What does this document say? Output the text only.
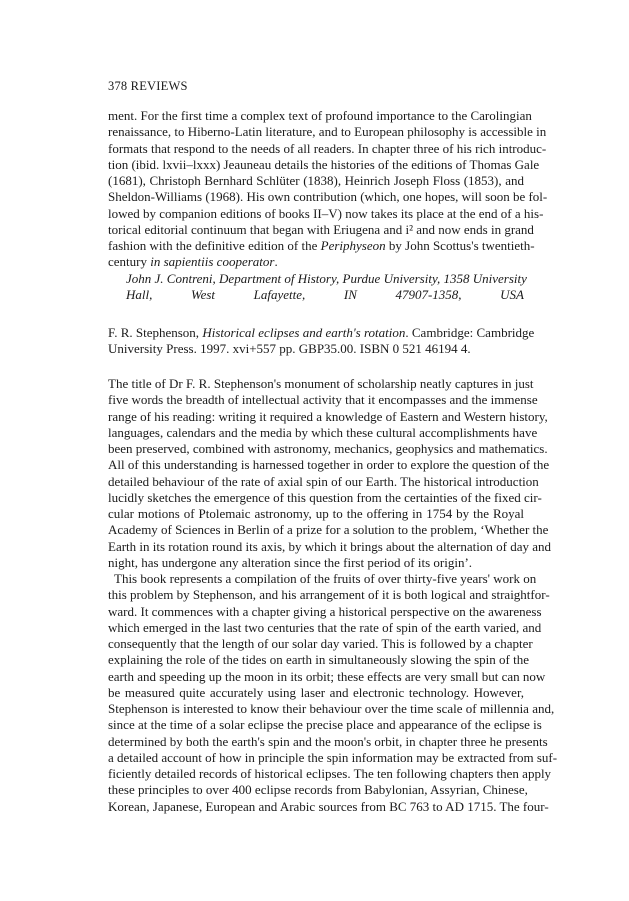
378 REVIEWS
ment. For the first time a complex text of profound importance to the Carolingian
renaissance, to Hiberno-Latin literature, and to European philosophy is accessible in
formats that respond to the needs of all readers. In chapter three of his rich introduc-
tion (ibid. lxvii–lxxx) Jeauneau details the histories of the editions of Thomas Gale
(1681), Christoph Bernhard Schlüter (1838), Heinrich Joseph Floss (1853), and
Sheldon-Williams (1968). His own contribution (which, one hopes, will soon be fol-
lowed by companion editions of books II–V) now takes its place at the end of a his-
torical editorial continuum that began with Eriugena and i² and now ends in grand
fashion with the definitive edition of the Periphyseon by John Scottus's twentieth-
century in sapientiis cooperator.
John J. Contreni, Department of History, Purdue University, 1358 University
Hall, West Lafayette, IN 47907-1358, USA
F. R. Stephenson, Historical eclipses and earth's rotation. Cambridge: Cambridge
University Press. 1997. xvi+557 pp. GBP35.00. ISBN 0 521 46194 4.
The title of Dr F. R. Stephenson's monument of scholarship neatly captures in just
five words the breadth of intellectual activity that it encompasses and the immense
range of his reading: writing it required a knowledge of Eastern and Western history,
languages, calendars and the media by which these cultural accomplishments have
been preserved, combined with astronomy, mechanics, geophysics and mathematics.
All of this understanding is harnessed together in order to explore the question of the
detailed behaviour of the rate of axial spin of our Earth. The historical introduction
lucidly sketches the emergence of this question from the certainties of the fixed cir-
cular motions of Ptolemaic astronomy, up to the offering in 1754 by the Royal
Academy of Sciences in Berlin of a prize for a solution to the problem, ‘Whether the
Earth in its rotation round its axis, by which it brings about the alternation of day and
night, has undergone any alteration since the first period of its origin’.
This book represents a compilation of the fruits of over thirty-five years' work on
this problem by Stephenson, and his arrangement of it is both logical and straightfor-
ward. It commences with a chapter giving a historical perspective on the awareness
which emerged in the last two centuries that the rate of spin of the earth varied, and
consequently that the length of our solar day varied. This is followed by a chapter
explaining the role of the tides on earth in simultaneously slowing the spin of the
earth and speeding up the moon in its orbit; these effects are very small but can now
be measured quite accurately using laser and electronic technology. However,
Stephenson is interested to know their behaviour over the time scale of millennia and,
since at the time of a solar eclipse the precise place and appearance of the eclipse is
determined by both the earth's spin and the moon's orbit, in chapter three he presents
a detailed account of how in principle the spin information may be extracted from suf-
ficiently detailed records of historical eclipses. The ten following chapters then apply
these principles to over 400 eclipse records from Babylonian, Assyrian, Chinese,
Korean, Japanese, European and Arabic sources from BC 763 to AD 1715. The four-
